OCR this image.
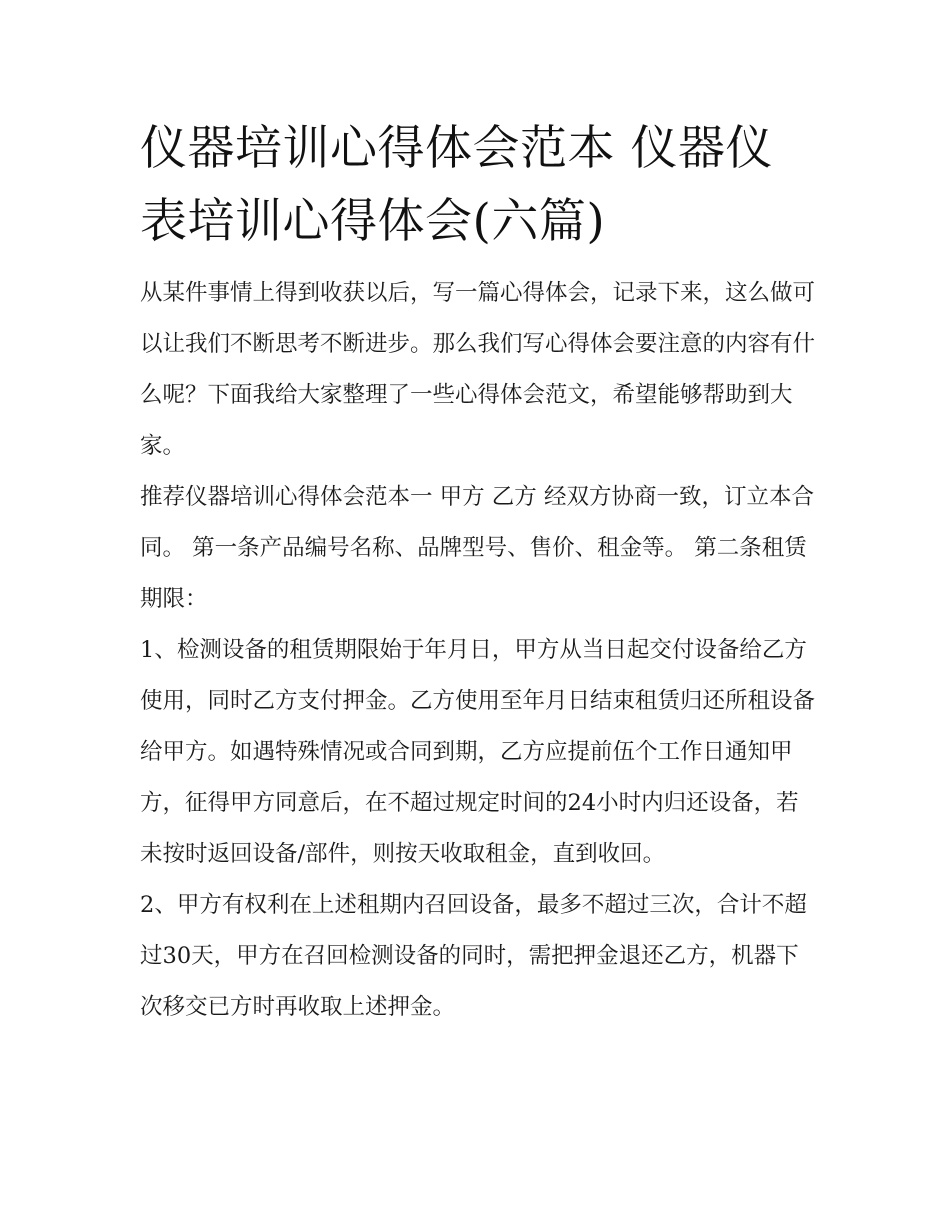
仪器培训心得体会范本 仪器仪表培训心得体会(六篇)

从某件事情上得到收获以后，写一篇心得体会，记录下来，这么做可以让我们不断思考不断进步。那么我们写心得体会要注意的内容有什么呢？下面我给大家整理了一些心得体会范文，希望能够帮助到大家。

推荐仪器培训心得体会范本一 甲方 乙方 经双方协商一致，订立本合同。 第一条产品编号名称、品牌型号、售价、租金等。 第二条租赁期限：

1、检测设备的租赁期限始于年月日，甲方从当日起交付设备给乙方使用，同时乙方支付押金。乙方使用至年月日结束租赁归还所租设备给甲方。如遇特殊情况或合同到期，乙方应提前伍个工作日通知甲方，征得甲方同意后，在不超过规定时间的24小时内归还设备，若未按时返回设备/部件，则按天收取租金，直到收回。

2、甲方有权利在上述租期内召回设备，最多不超过三次，合计不超过30天，甲方在召回检测设备的同时，需把押金退还乙方，机器下次移交已方时再收取上述押金。
